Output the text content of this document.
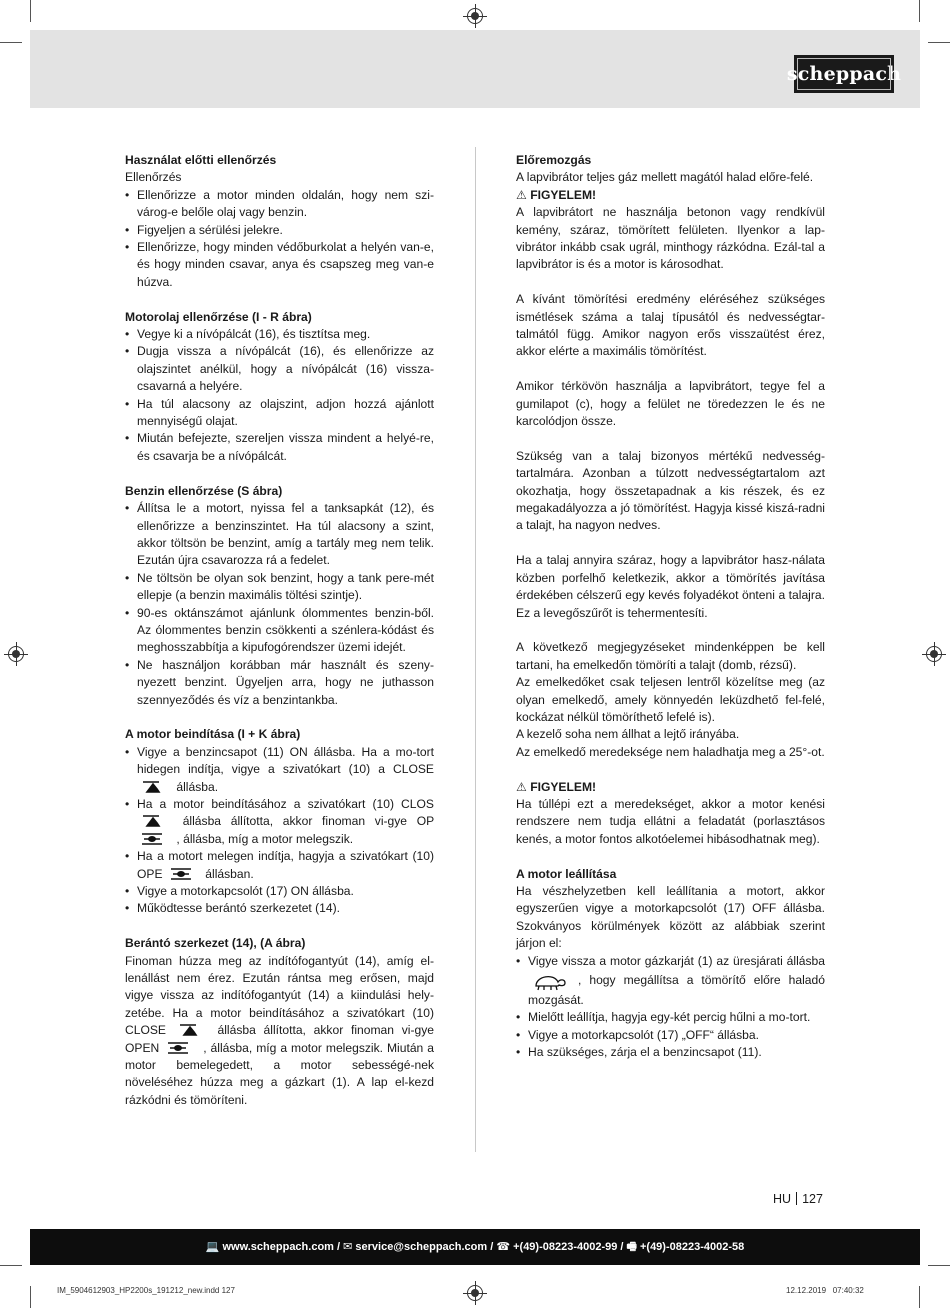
scheppach
Használat előtti ellenőrzés
Ellenőrzés
• Ellenőrizze a motor minden oldalán, hogy nem szi-várog-e belőle olaj vagy benzin.
• Figyeljen a sérülési jelekre.
• Ellenőrizze, hogy minden védőburkolat a helyén van-e, és hogy minden csavar, anya és csapszeg meg van-e húzva.
Motorolaj ellenőrzése (I - R ábra)
• Vegye ki a nívópálcát (16), és tisztítsa meg.
• Dugja vissza a nívópálcát (16), és ellenőrizze az olajszintet anélkül, hogy a nívópálcát (16) vissza-csavarná a helyére.
• Ha túl alacsony az olajszint, adjon hozzá ajánlott mennyiségű olajat.
• Miután befejezte, szereljen vissza mindent a helyé-re, és csavarja be a nívópálcát.
Benzin ellenőrzése (S ábra)
• Állítsa le a motort, nyissa fel a tanksapkát (12), és ellenőrizze a benzinszintet. Ha túl alacsony a szint, akkor töltsön be benzint, amíg a tartály meg nem telik. Ezután újra csavarozza rá a fedelet.
• Ne töltsön be olyan sok benzint, hogy a tank pere-mét ellepje (a benzin maximális töltési szintje).
• 90-es oktánszámot ajánlunk ólommentes benzin-ből. Az ólommentes benzin csökkenti a szénlera-kódást és meghosszabbítja a kipufogórendszer üzemi idejét.
• Ne használjon korábban már használt és szeny-nyezett benzint. Ügyeljen arra, hogy ne juthasson szennyeződés és víz a benzintankba.
A motor beindítása (I + K ábra)
• Vigye a benzincsapot (11) ON állásba. Ha a mo-tort hidegen indítja, vigye a szivatókart (10) a CLOSE  állásba.
• Ha a motor beindításához a szivatókart (10) CLOS  állásba állította, akkor finoman vi-gye OP  , állásba, míg a motor melegszik.
• Ha a motort melegen indítja, hagyja a szivatókart (10) OPE	állásban.
• Vigye a motorkapcsolót (17) ON állásba.
• Működtesse berántó szerkezetet (14).
Berántó szerkezet (14), (A ábra)
Finoman húzza meg az indítófogantyút (14), amíg el-lenállást nem érez. Ezután rántsa meg erősen, majd vigye vissza az indítófogantyút (14) a kiindulási hely-zetébe. Ha a motor beindításához a szivatókart (10) CLOSE	állásba állította, akkor finoman vi-gye OPEN	, állásba, míg a motor melegszik. Miután a motor bemelegedett, a motor sebességé-nek növeléséhez húzza meg a gázkart (1). A lap el-kezd rázkódni és tömöríteni.
Előremozgás
A lapvibrátor teljes gáz mellett magától halad előre-felé.
⚠ FIGYELEM!
A lapvibrátort ne használja betonon vagy rendkívül kemény, száraz, tömörített felületen. Ilyenkor a lap-vibrátor inkább csak ugrál, minthogy rázkódna. Ezál-tal a lapvibrátor is és a motor is károsodhat.
A kívánt tömörítési eredmény eléréséhez szükséges ismétlések száma a talaj típusától és nedvességtar-talmától függ. Amikor nagyon erős visszaütést érez, akkor elérte a maximális tömörítést.
Amikor térkövön használja a lapvibrátort, tegye fel a gumilapot (c), hogy a felület ne töredezzen le és ne karcolódjon össze.
Szükség van a talaj bizonyos mértékű nedvesség-tartalmára. Azonban a túlzott nedvességtartalom azt okozhatja, hogy összetapadnak a kis részek, és ez megakadályozza a jó tömörítést. Hagyja kissé kiszá-radni a talajt, ha nagyon nedves.
Ha a talaj annyira száraz, hogy a lapvibrátor hasz-nálata közben porfelhő keletkezik, akkor a tömörítés javítása érdekében célszerű egy kevés folyadékot önteni a talajra. Ez a levegőszűrőt is tehermentesíti.
A következő megjegyzéseket mindenképpen be kell tartani, ha emelkedőn tömöríti a talajt (domb, rézsű).
Az emelkedőket csak teljesen lentről közelítse meg (az olyan emelkedő, amely könnyedén leküzdhető fel-felé, kockázat nélkül tömöríthető lefelé is).
A kezelő soha nem állhat a lejtő irányába.
Az emelkedő meredeksége nem haladhatja meg a 25°-ot.
⚠ FIGYELEM!
Ha túllépi ezt a meredekséget, akkor a motor kenési rendszere nem tudja ellátni a feladatát (porlasztásos kenés, a motor fontos alkotóelemei hibásodhatnak meg).
A motor leállítása
Ha vészhelyzetben kell leállítania a motort, akkor egyszerűen vigye a motorkapcsolót (17) OFF állásba. Szokványos körülmények között az alábbiak szerint járjon el:
• Vigye vissza a motor gázkarját (1) az üresjárati állásba  , hogy megállítsa a tömörítő előre haladó mozgását.
• Mielőtt leállítja, hagyja egy-két percig hűlni a mo-tort.
• Vigye a motorkapcsolót (17) „OFF“ állásba.
• Ha szükséges, zárja el a benzincsapot (11).
HU 127
💻 www.scheppach.com / ✉ service@scheppach.com / ☎ +(49)-08223-4002-99 / 🖷 +(49)-08223-4002-58
IM_5904612903_HP2200s_191212_new.indd 127	12.12.2019   07:40:32
